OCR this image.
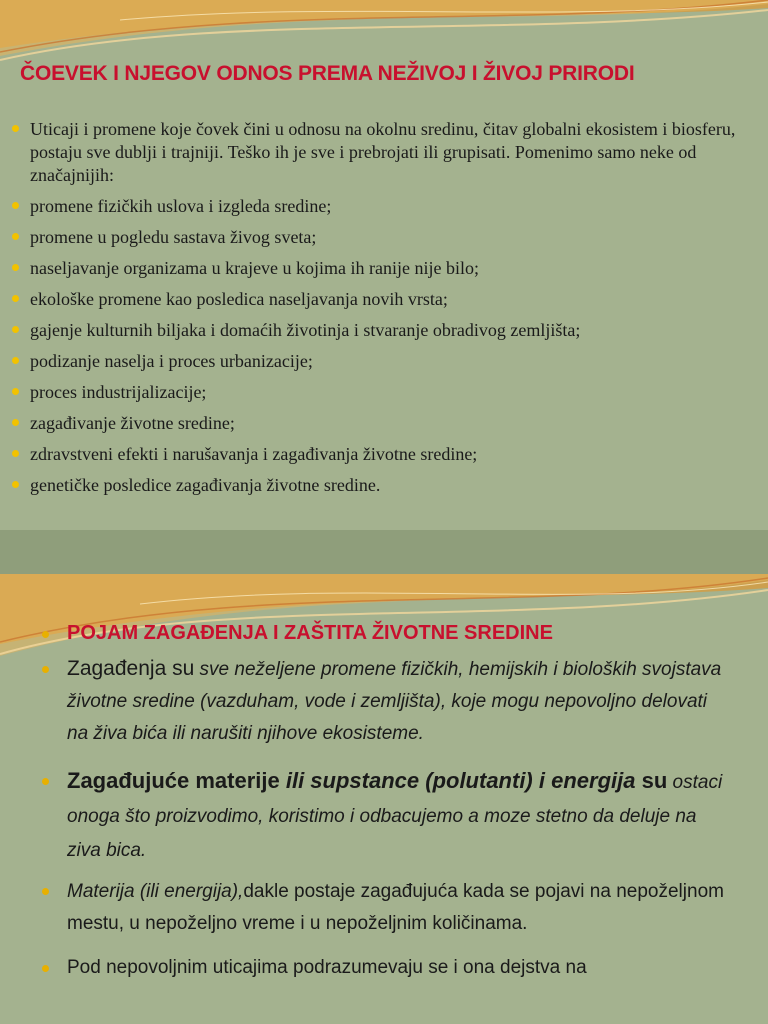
ČOEVEK I NJEGOV ODNOS PREMA NEŽIVOJ I ŽIVOJ PRIRODI
Uticaji i promene koje čovek čini u odnosu na okolnu sredinu, čitav globalni ekosistem i biosferu, postaju sve dublji i trajniji. Teško ih je sve i prebrojati ili grupisati. Pomenimo samo neke od značajnijih:
promene fizičkih uslova i izgleda sredine;
promene u pogledu sastava živog sveta;
naseljavanje organizama u krajeve u kojima ih ranije nije bilo;
ekološke promene kao posledica naseljavanja novih vrsta;
gajenje kulturnih biljaka i domaćih životinja i stvaranje obradivog zemljišta;
podizanje naselja i proces urbanizacije;
proces industrijalizacije;
zagađivanje životne sredine;
zdravstveni efekti i narušavanja i zagađivanja životne sredine;
genetičke posledice zagađivanja životne sredine.
POJAM ZAGAĐENJA I ZAŠTITA ŽIVOTNE SREDINE
Zagađenja su sve neželjene promene fizičkih, hemijskih i bioloških svojstava životne sredine (vazduham, vode i zemljišta), koje mogu nepovoljno delovati na živa bića ili narušiti njihove ekosisteme.
Zagađujuće materije ili supstance (polutanti) i energija su ostaci onoga što proizvodimo, koristimo i odbacujemo a moze stetno da deluje na ziva bica.
Materija (ili energija),dakle postaje zagađujuća kada se pojavi na nepoželjnom mestu, u nepoželjno vreme i u nepoželjnim količinama.
Pod nepovoljnim uticajima podrazumevaju se i ona dejstva na
